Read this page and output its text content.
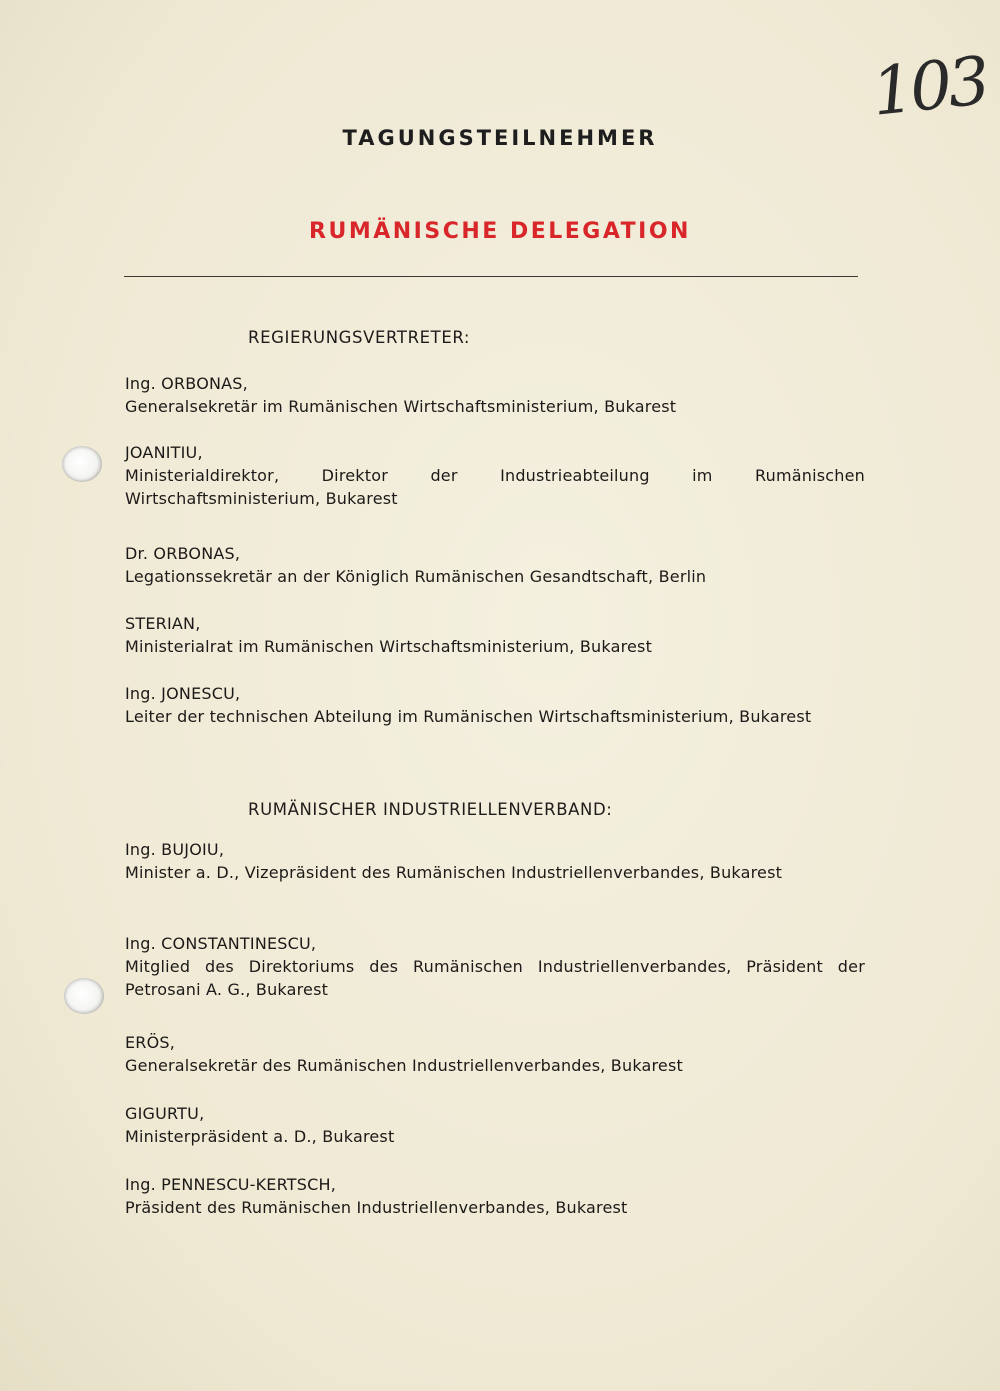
103
TAGUNGSTEILNEHMER
RUMÄNISCHE DELEGATION
REGIERUNGSVERTRETER:
Ing. ORBONAS,
Generalsekretär im Rumänischen Wirtschaftsministerium, Bukarest
JOANITIU,
Ministerialdirektor, Direktor der Industrieabteilung im Rumänischen Wirtschaftsministerium, Bukarest
Dr. ORBONAS,
Legationssekretär an der Königlich Rumänischen Gesandtschaft, Berlin
STERIAN,
Ministerialrat im Rumänischen Wirtschaftsministerium, Bukarest
Ing. JONESCU,
Leiter der technischen Abteilung im Rumänischen Wirtschaftsministerium, Bukarest
RUMÄNISCHER INDUSTRIELLENVERBAND:
Ing. BUJOIU,
Minister a. D., Vizepräsident des Rumänischen Industriellenverbandes, Bukarest
Ing. CONSTANTINESCU,
Mitglied des Direktoriums des Rumänischen Industriellenverbandes, Präsident der Petrosani A. G., Bukarest
ERÖS,
Generalsekretär des Rumänischen Industriellenverbandes, Bukarest
GIGURTU,
Ministerpräsident a. D., Bukarest
Ing. PENNESCU-KERTSCH,
Präsident des Rumänischen Industriellenverbandes, Bukarest
